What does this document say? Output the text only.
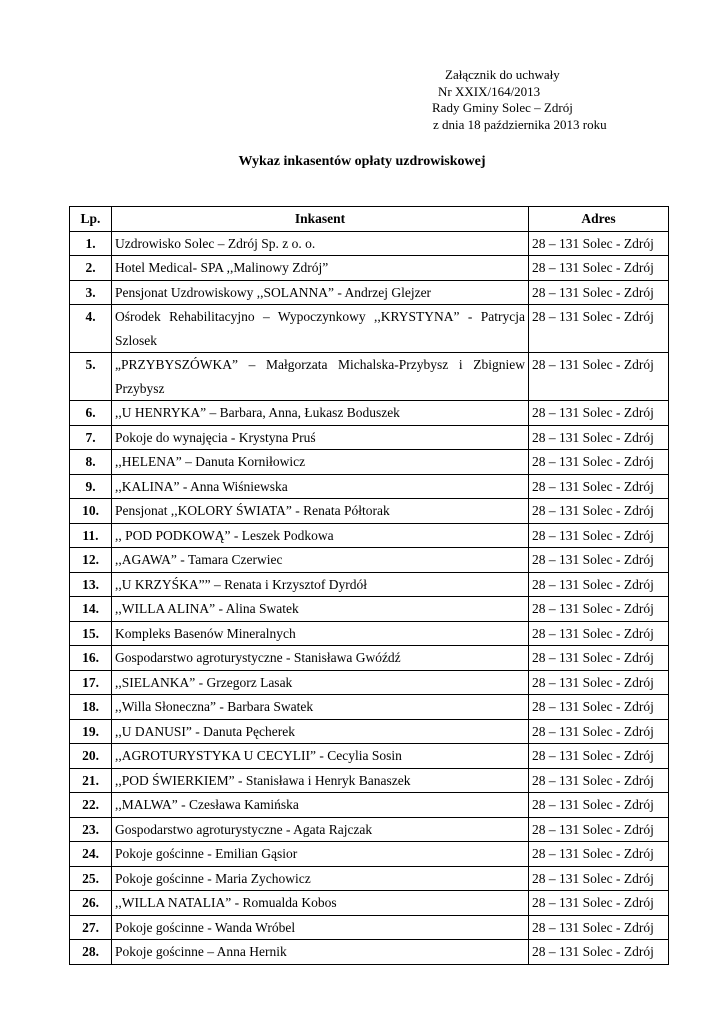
Załącznik do uchwały
Nr XXIX/164/2013
Rady Gminy Solec – Zdrój
z dnia 18 października 2013 roku
Wykaz inkasentów opłaty uzdrowiskowej
Lp.	Inkasent	Adres
1.	Uzdrowisko Solec – Zdrój Sp. z o. o.	28 – 131 Solec - Zdrój
2.	Hotel Medical- SPA ,,Malinowy Zdrój”	28 – 131 Solec - Zdrój
3.	Pensjonat Uzdrowiskowy ,,SOLANNA” - Andrzej Glejzer	28 – 131 Solec - Zdrój
4.	Ośrodek Rehabilitacyjno – Wypoczynkowy ,,KRYSTYNA” - Patrycja Szlosek	28 – 131 Solec - Zdrój
5.	„PRZYBYSZÓWKA” – Małgorzata Michalska-Przybysz i Zbigniew Przybysz	28 – 131 Solec - Zdrój
6.	,,U HENRYKA” – Barbara, Anna, Łukasz Boduszek	28 – 131 Solec - Zdrój
7.	Pokoje do wynajęcia - Krystyna Pruś	28 – 131 Solec - Zdrój
8.	,,HELENA” – Danuta Korniłowicz	28 – 131 Solec - Zdrój
9.	,,KALINA” - Anna Wiśniewska	28 – 131 Solec - Zdrój
10.	Pensjonat ,,KOLORY ŚWIATA” - Renata Półtorak	28 – 131 Solec - Zdrój
11.	,, POD PODKOWĄ” - Leszek Podkowa	28 – 131 Solec - Zdrój
12.	,,AGAWA” - Tamara Czerwiec	28 – 131 Solec - Zdrój
13.	,,U KRZYŚKA”” – Renata i Krzysztof Dyrdół	28 – 131 Solec - Zdrój
14.	,,WILLA ALINA” - Alina Swatek	28 – 131 Solec - Zdrój
15.	Kompleks Basenów Mineralnych	28 – 131 Solec - Zdrój
16.	Gospodarstwo agroturystyczne - Stanisława Gwóźdź	28 – 131 Solec - Zdrój
17.	,,SIELANKA” - Grzegorz Lasak	28 – 131 Solec - Zdrój
18.	,,Willa Słoneczna” - Barbara Swatek	28 – 131 Solec - Zdrój
19.	,,U DANUSI” - Danuta Pęcherek	28 – 131 Solec - Zdrój
20.	,,AGROTURYSTYKA U CECYLII” - Cecylia Sosin	28 – 131 Solec - Zdrój
21.	,,POD ŚWIERKIEM” - Stanisława i Henryk Banaszek	28 – 131 Solec - Zdrój
22.	,,MALWA” - Czesława Kamińska	28 – 131 Solec - Zdrój
23.	Gospodarstwo agroturystyczne - Agata Rajczak	28 – 131 Solec - Zdrój
24.	Pokoje gościnne - Emilian Gąsior	28 – 131 Solec - Zdrój
25.	Pokoje gościnne - Maria Zychowicz	28 – 131 Solec - Zdrój
26.	,,WILLA NATALIA” - Romualda Kobos	28 – 131 Solec - Zdrój
27.	Pokoje gościnne - Wanda Wróbel	28 – 131 Solec - Zdrój
28.	Pokoje gościnne – Anna Hernik	28 – 131 Solec - Zdrój
